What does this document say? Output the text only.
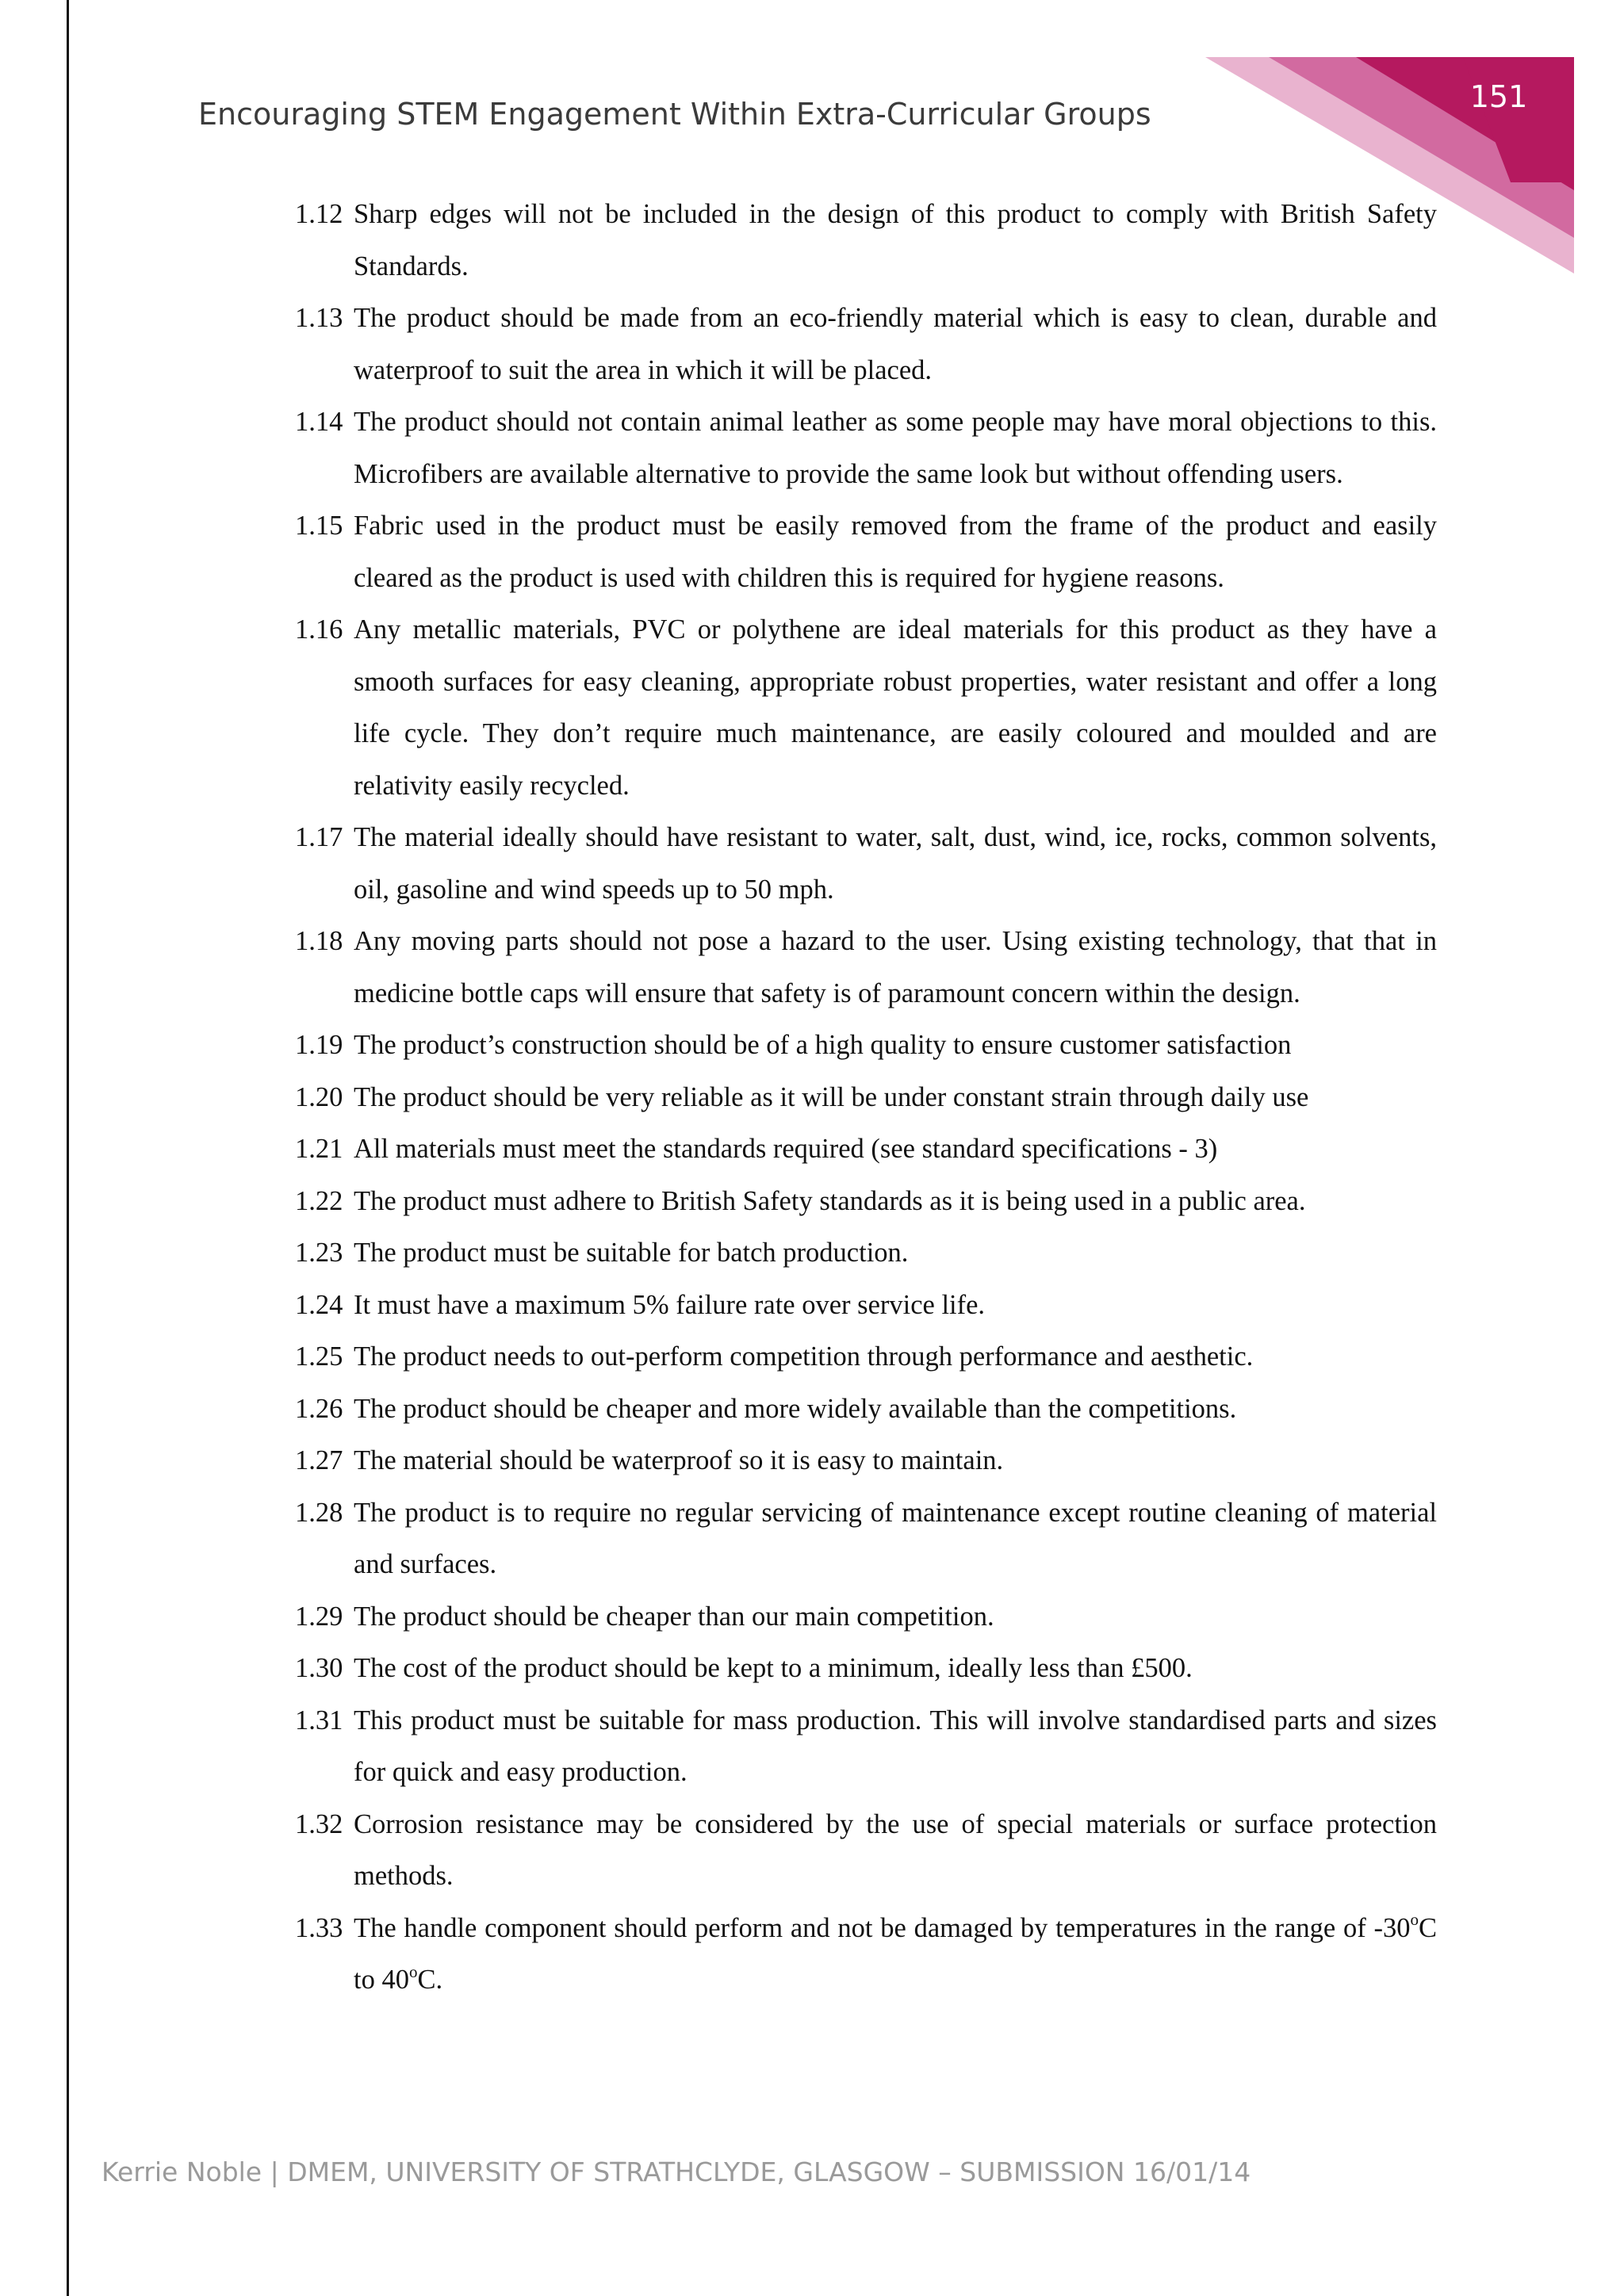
Encouraging STEM Engagement Within Extra-Curricular Groups	151
1.12 Sharp edges will not be included in the design of this product to comply with British Safety Standards.
1.13 The product should be made from an eco-friendly material which is easy to clean, durable and waterproof to suit the area in which it will be placed.
1.14 The product should not contain animal leather as some people may have moral objections to this. Microfibers are available alternative to provide the same look but without offending users.
1.15 Fabric used in the product must be easily removed from the frame of the product and easily cleared as the product is used with children this is required for hygiene reasons.
1.16 Any metallic materials, PVC or polythene are ideal materials for this product as they have a smooth surfaces for easy cleaning, appropriate robust properties, water resistant and offer a long life cycle. They don’t require much maintenance, are easily coloured and moulded and are relativity easily recycled.
1.17 The material ideally should have resistant to water, salt, dust, wind, ice, rocks, common solvents, oil, gasoline and wind speeds up to 50 mph.
1.18 Any moving parts should not pose a hazard to the user. Using existing technology, that that in medicine bottle caps will ensure that safety is of paramount concern within the design.
1.19 The product’s construction should be of a high quality to ensure customer satisfaction
1.20 The product should be very reliable as it will be under constant strain through daily use
1.21 All materials must meet the standards required (see standard specifications - 3)
1.22 The product must adhere to British Safety standards as it is being used in a public area.
1.23 The product must be suitable for batch production.
1.24 It must have a maximum 5% failure rate over service life.
1.25 The product needs to out-perform competition through performance and aesthetic.
1.26 The product should be cheaper and more widely available than the competitions.
1.27 The material should be waterproof so it is easy to maintain.
1.28 The product is to require no regular servicing of maintenance except routine cleaning of material and surfaces.
1.29 The product should be cheaper than our main competition.
1.30 The cost of the product should be kept to a minimum, ideally less than £500.
1.31 This product must be suitable for mass production. This will involve standardised parts and sizes for quick and easy production.
1.32 Corrosion resistance may be considered by the use of special materials or surface protection methods.
1.33 The handle component should perform and not be damaged by temperatures in the range of -30$^o$C to 40$^o$C.
Kerrie Noble | DMEM, UNIVERSITY OF STRATHCLYDE, GLASGOW – SUBMISSION 16/01/14
